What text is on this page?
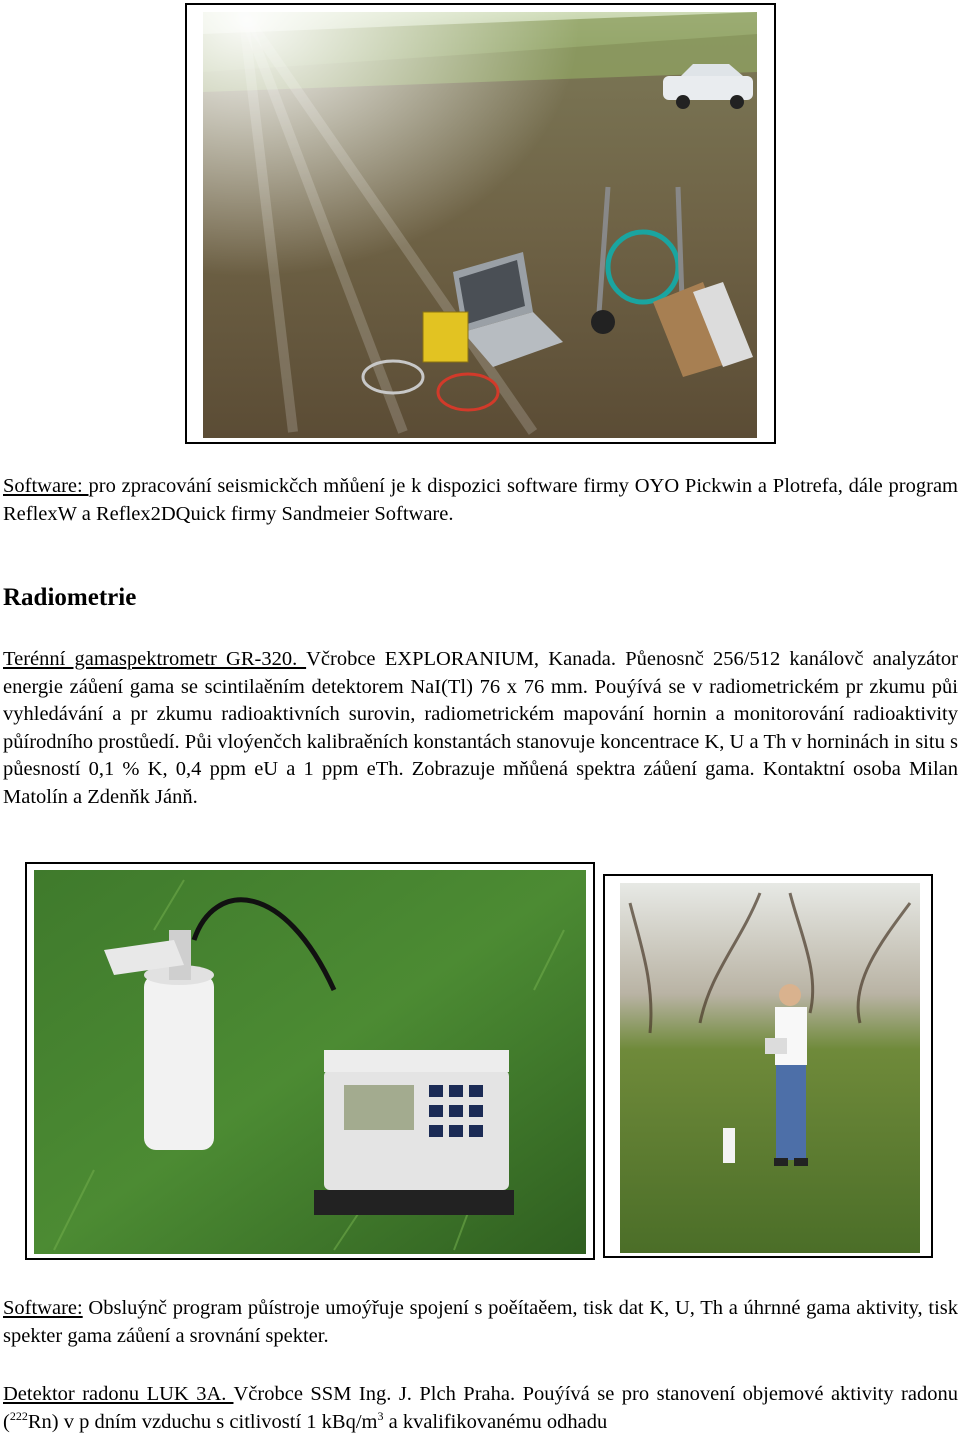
Software: pro zpracování seismickčch mňůení je k dispozici software firmy OYO Pickwin a Plotrefa, dále program ReflexW a Reflex2DQuick firmy Sandmeier Software.

Radiometrie

Terénní gamaspektrometr GR-320. Včrobce EXPLORANIUM, Kanada. Půenosnč 256/512 kanálovč analyzátor energie záůení gama se scintilaěním detektorem NaI(Tl) 76 x 76 mm. Pouýívá se v radiometrickém pr zkumu půi vyhledávání a pr zkumu radioaktivních surovin, radiometrickém mapování hornin a monitorování radioaktivity půírodního prostůedí. Půi vloýenčch kalibraěních konstantách stanovuje koncentrace K, U a Th v horninách in situ s půesností 0,1 % K, 0,4 ppm eU a 1 ppm eTh. Zobrazuje mňůená spektra záůení gama. Kontaktní osoba Milan Matolín a Zdenňk Jánň.

Software: Obsluýnč program půístroje umoýřuje spojení s poěítaěem, tisk dat K, U, Th a úhrnné gama aktivity, tisk spekter gama záůení a srovnání spekter.

Detektor radonu LUK 3A. Včrobce SSM Ing. J. Plch Praha. Pouýívá se pro stanovení objemové aktivity radonu ($^{222}$Rn) v p dním vzduchu s citlivostí 1 kBq/$m^3$ a kvalifikovanému odhadu
